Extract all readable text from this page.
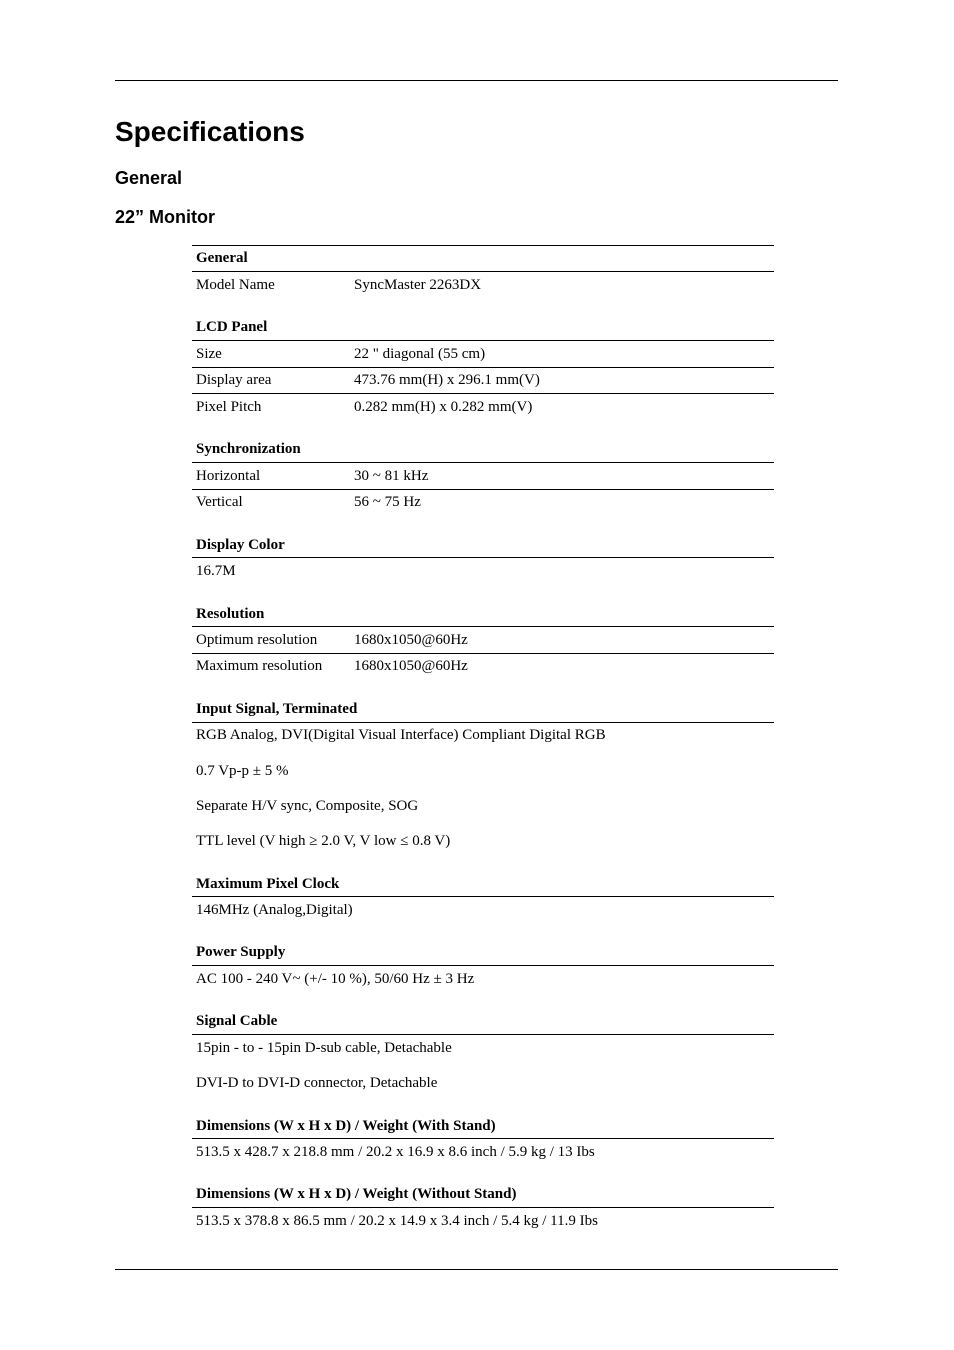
Specifications
General
22” Monitor
General
Model Name	SyncMaster 2263DX
LCD Panel
Size	22 " diagonal (55 cm)
Display area	473.76 mm(H) x 296.1 mm(V)
Pixel Pitch	0.282 mm(H) x 0.282 mm(V)
Synchronization
Horizontal	30 ~ 81 kHz
Vertical	56 ~ 75 Hz
Display Color
16.7M
Resolution
Optimum resolution 1680x1050@60Hz
Maximum resolution 1680x1050@60Hz
Input Signal, Terminated
RGB Analog, DVI(Digital Visual Interface) Compliant Digital RGB
0.7 Vp-p ± 5 %
Separate H/V sync, Composite, SOG
TTL level (V high ≥ 2.0 V, V low ≤ 0.8 V)
Maximum Pixel Clock
146MHz (Analog,Digital)
Power Supply
AC 100 - 240 V~ (+/- 10 %), 50/60 Hz ± 3 Hz
Signal Cable
15pin - to - 15pin D-sub cable, Detachable
DVI-D to DVI-D connector, Detachable
Dimensions (W x H x D) / Weight (With Stand)
513.5 x 428.7 x 218.8 mm / 20.2 x 16.9 x 8.6 inch / 5.9 kg / 13 Ibs
Dimensions (W x H x D) / Weight (Without Stand)
513.5 x 378.8 x 86.5 mm / 20.2 x 14.9 x 3.4 inch / 5.4 kg / 11.9 Ibs
